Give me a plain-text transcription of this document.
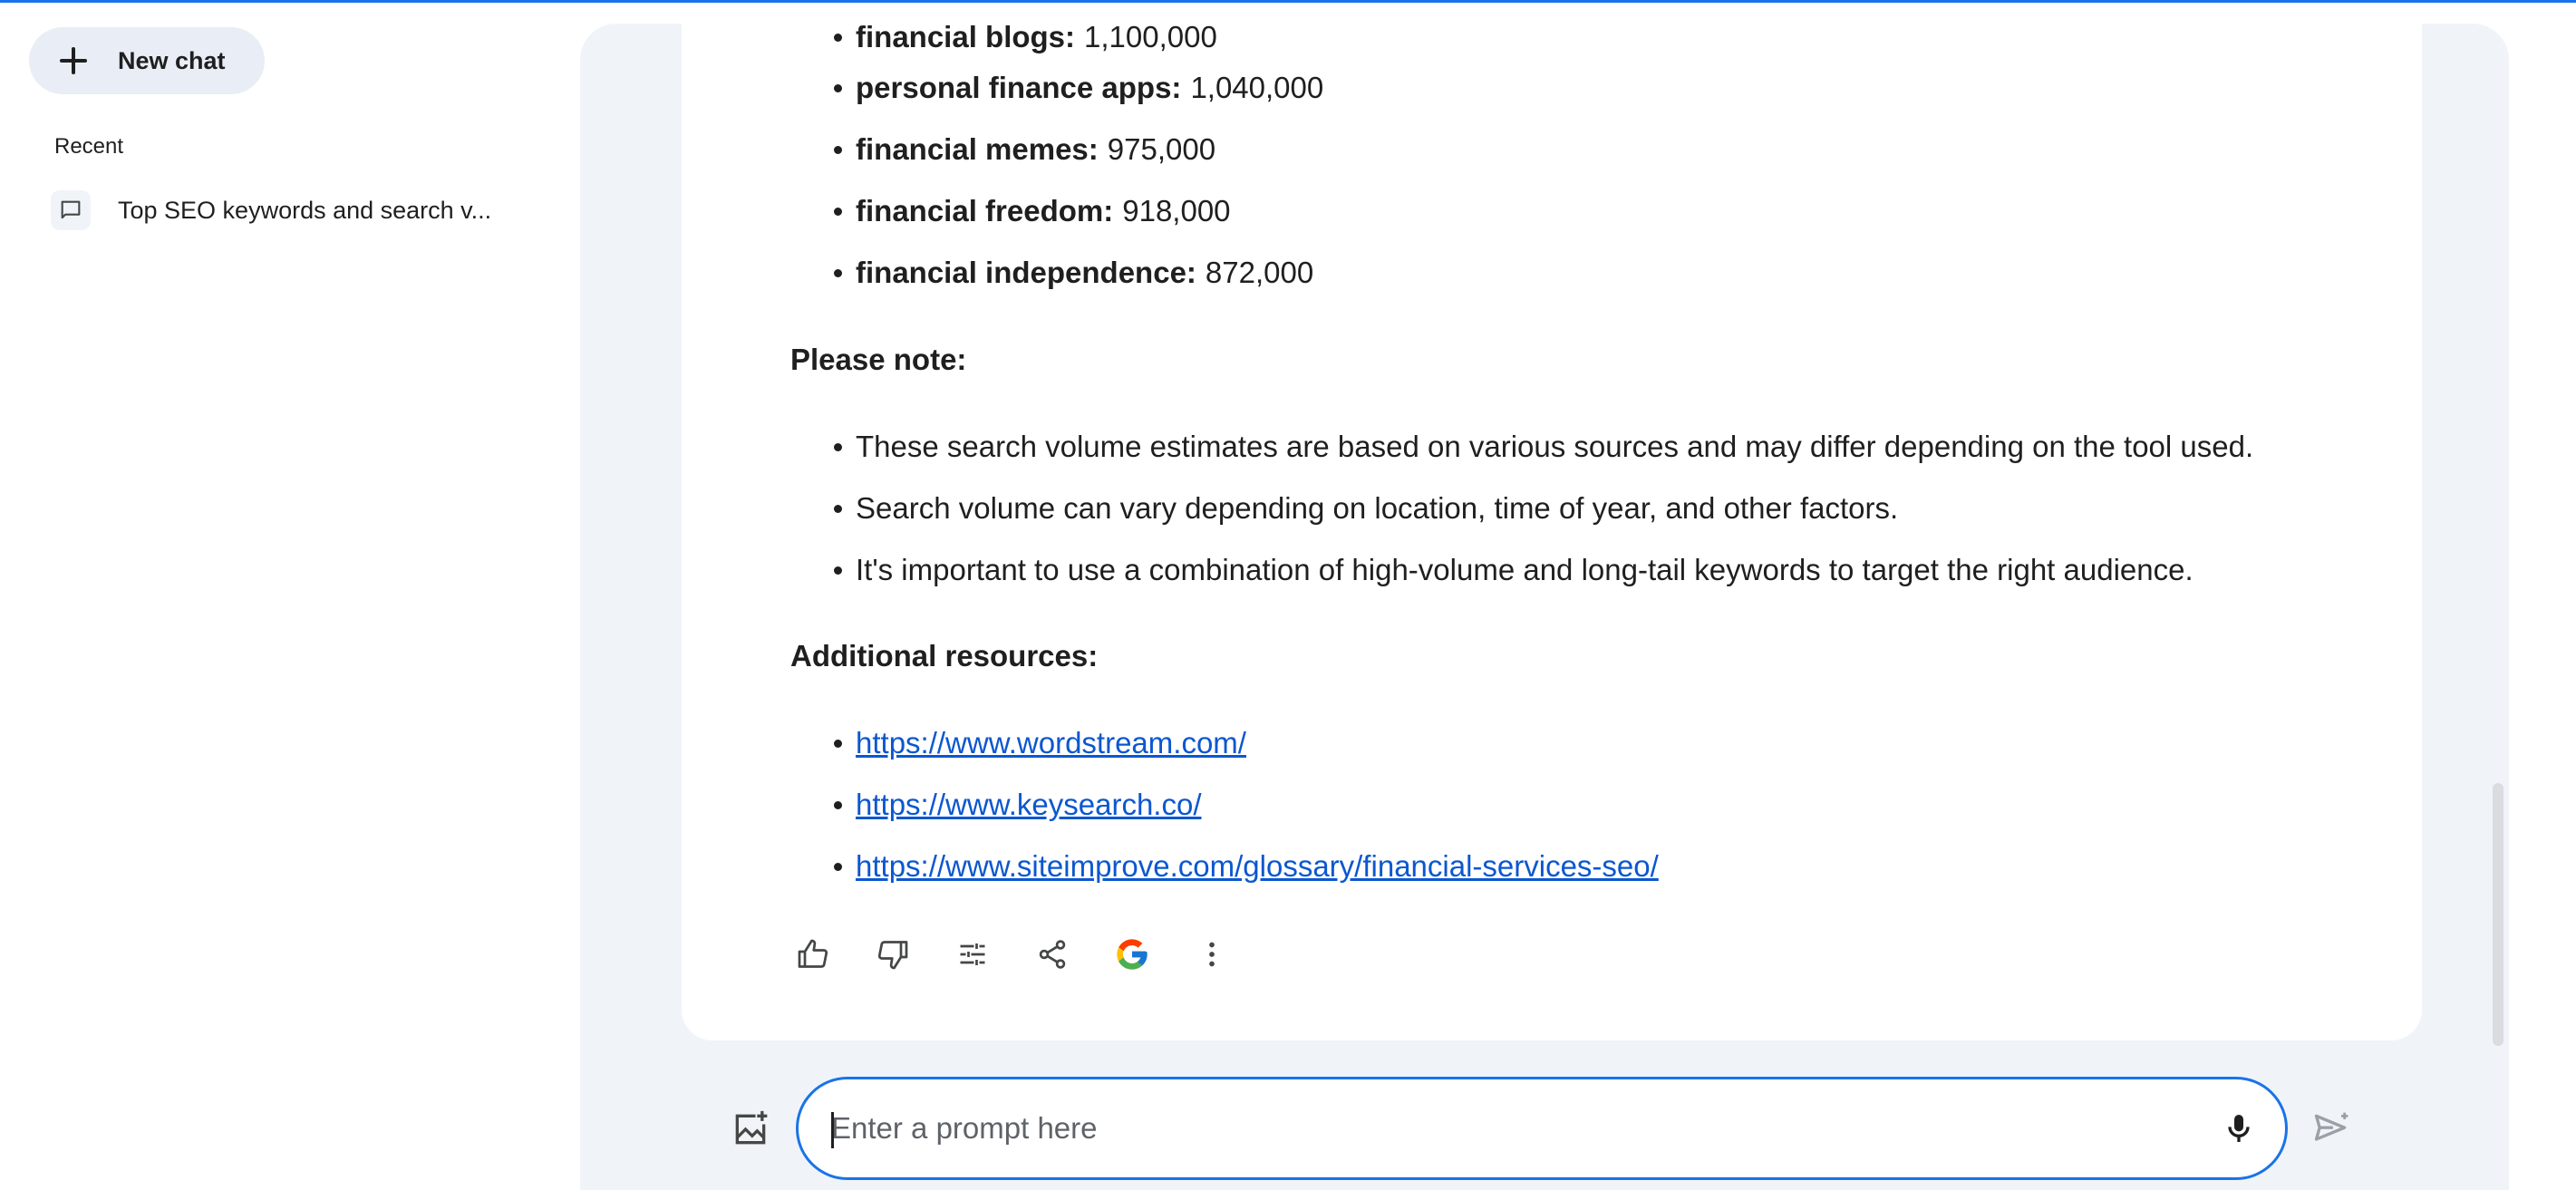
New chat
Recent
Top SEO keywords and search v...
financial blogs: 1,100,000
personal finance apps: 1,040,000
financial memes: 975,000
financial freedom: 918,000
financial independence: 872,000
Please note:
These search volume estimates are based on various sources and may differ depending on the tool used.
Search volume can vary depending on location, time of year, and other factors.
It's important to use a combination of high-volume and long-tail keywords to target the right audience.
Additional resources:
https://www.wordstream.com/
https://www.keysearch.co/
https://www.siteimprove.com/glossary/financial-services-seo/
Enter a prompt here
